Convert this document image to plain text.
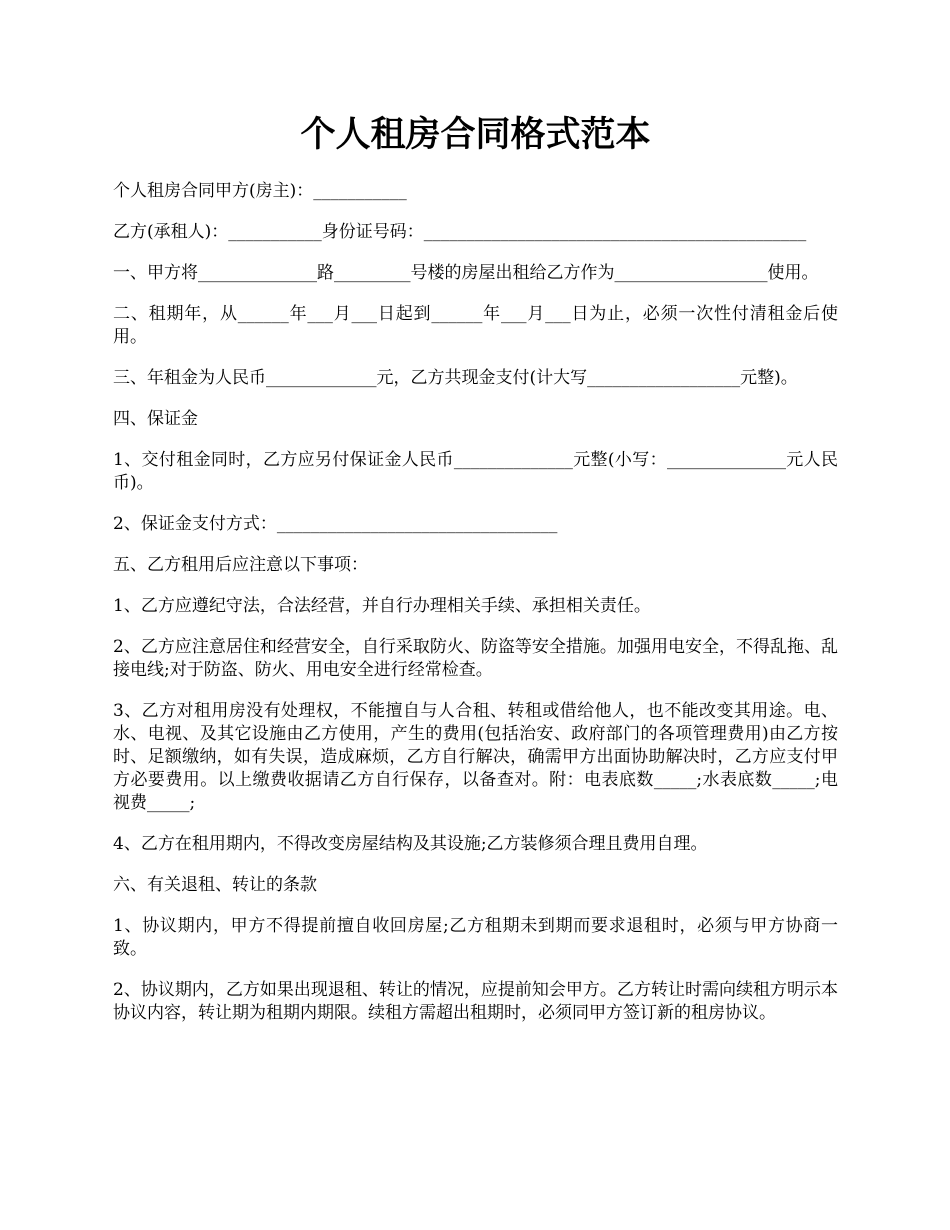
个人租房合同格式范本

个人租房合同甲方(房主)：___________

乙方(承租人)：___________身份证号码：_____________________________________________

一、甲方将______________路_________号楼的房屋出租给乙方作为__________________使用。

二、租期年，从______年___月___日起到______年___月___日为止，必须一次性付清租金后使用。

三、年租金为人民币_____________元，乙方共现金支付(计大写__________________元整)。

四、保证金

1、交付租金同时，乙方应另付保证金人民币______________元整(小写：______________元人民币)。

2、保证金支付方式：_________________________________

五、乙方租用后应注意以下事项：

1、乙方应遵纪守法，合法经营，并自行办理相关手续、承担相关责任。

2、乙方应注意居住和经营安全，自行采取防火、防盗等安全措施。加强用电安全，不得乱拖、乱接电线;对于防盗、防火、用电安全进行经常检查。

3、乙方对租用房没有处理权，不能擅自与人合租、转租或借给他人，也不能改变其用途。电、水、电视、及其它设施由乙方使用，产生的费用(包括治安、政府部门的各项管理费用)由乙方按时、足额缴纳，如有失误，造成麻烦，乙方自行解决，确需甲方出面协助解决时，乙方应支付甲方必要费用。以上缴费收据请乙方自行保存，以备查对。附：电表底数_____;水表底数_____;电视费_____;

4、乙方在租用期内，不得改变房屋结构及其设施;乙方装修须合理且费用自理。

六、有关退租、转让的条款

1、协议期内，甲方不得提前擅自收回房屋;乙方租期未到期而要求退租时，必须与甲方协商一致。

2、协议期内，乙方如果出现退租、转让的情况，应提前知会甲方。乙方转让时需向续租方明示本协议内容，转让期为租期内期限。续租方需超出租期时，必须同甲方签订新的租房协议。
